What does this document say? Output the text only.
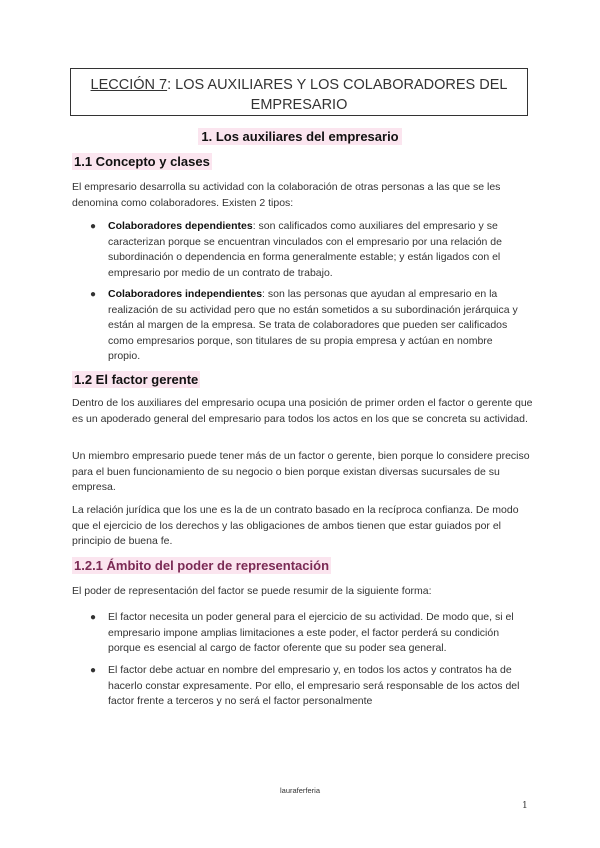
LECCIÓN 7: LOS AUXILIARES Y LOS COLABORADORES DEL
EMPRESARIO
1. Los auxiliares del empresario
1.1 Concepto y clases
El empresario desarrolla su actividad con la colaboración de otras personas a las que se les denomina como colaboradores. Existen 2 tipos:
●	Colaboradores dependientes: son calificados como auxiliares del empresario y se caracterizan porque se encuentran vinculados con el empresario por una relación de subordinación o dependencia en forma generalmente estable; y están ligados con el empresario por medio de un contrato de trabajo.
●	Colaboradores independientes: son las personas que ayudan al empresario en la realización de su actividad pero que no están sometidos a su subordinación jerárquica y están al margen de la empresa. Se trata de colaboradores que pueden ser calificados como empresarios porque, son titulares de su propia empresa y actúan en nombre propio.
1.2 El factor gerente
Dentro de los auxiliares del empresario ocupa una posición de primer orden el factor o gerente que es un apoderado general del empresario para todos los actos en los que se concreta su actividad.
Un miembro empresario puede tener más de un factor o gerente, bien porque lo considere preciso para el buen funcionamiento de su negocio o bien porque existan diversas sucursales de su empresa.
La relación jurídica que los une es la de un contrato basado en la recíproca confianza. De modo que el ejercicio de los derechos y las obligaciones de ambos tienen que estar guiados por el principio de buena fe.
1.2.1 Ámbito del poder de representación
El poder de representación del factor se puede resumir de la siguiente forma:
●	El factor necesita un poder general para el ejercicio de su actividad. De modo que, si el empresario impone amplias limitaciones a este poder, el factor perderá su condición porque es esencial al cargo de factor oferente que su poder sea general.
●	El factor debe actuar en nombre del empresario y, en todos los actos y contratos ha de hacerlo constar expresamente. Por ello, el empresario será responsable de los actos del factor frente a terceros y no será el factor personalmente
lauraferferia
1
